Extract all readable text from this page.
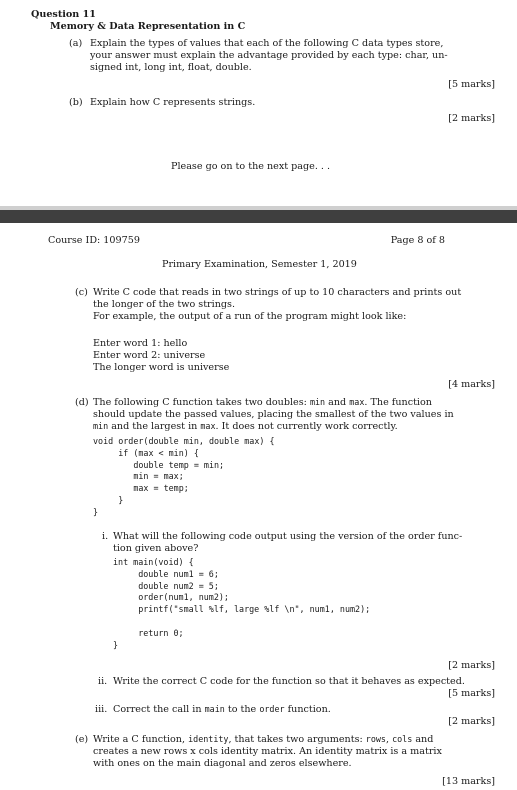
Question 11
Memory & Data Representation in C
(a) Explain the types of values that each of the following C data types store,
your answer must explain the advantage provided by each type: char, un-
signed int, long int, float, double.
[5 marks]
(b) Explain how C represents strings.
[2 marks]
Please go on to the next page. . .
Course ID: 109759	Page 8 of 8
Primary Examination, Semester 1, 2019
(c) Write C code that reads in two strings of up to 10 characters and prints out
the longer of the two strings.
For example, the output of a run of the program might look like:
Enter word 1: hello
Enter word 2: universe
The longer word is universe
[4 marks]
(d) The following C function takes two doubles: min and max. The function
should update the passed values, placing the smallest of the two values in
min and the largest in max. It does not currently work correctly.
void order(double min, double max) {
if (max < min) {
double temp = min;
min = max;
max = temp;
}
}
i. What will the following code output using the version of the order func-
tion given above?
int main(void) {
double num1 = 6;
double num2 = 5;
order(num1, num2);
printf("small %lf, large %lf \n", num1, num2);
return 0;
}
[2 marks]
ii. Write the correct C code for the function so that it behaves as expected.
[5 marks]
iii. Correct the call in main to the order function.
[2 marks]
(e) Write a C function, identity, that takes two arguments: rows, cols and
creates a new rows x cols identity matrix. An identity matrix is a matrix
with ones on the main diagonal and zeros elsewhere.
[13 marks]
